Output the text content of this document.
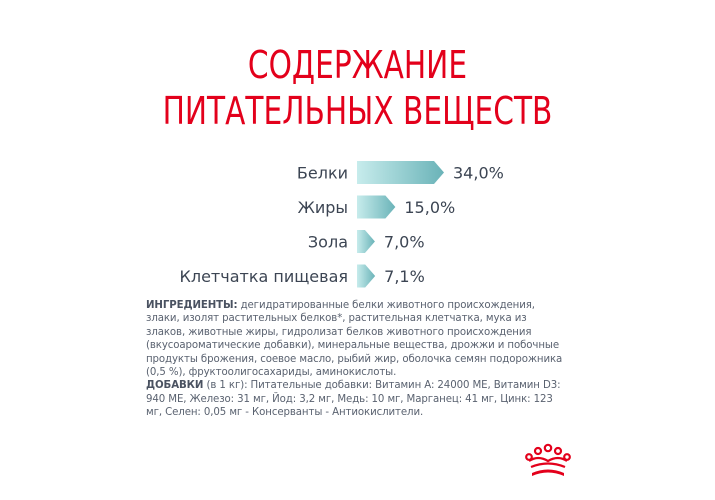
СОДЕРЖАНИЕ
ПИТАТЕЛЬНЫХ ВЕЩЕСТВ
Белки	34,0%
Жиры	15,0%
Зола 7,0%
Клетчатка пищевая 7,1%

ИНГРЕДИЕНТЫ: дегидратированные белки животного происхождения, злаки, изолят растительных белков*, растительная клетчатка, мука из злаков, животные жиры, гидролизат белков животного происхождения (вкусоароматические добавки), минеральные вещества, дрожжи и побочные продукты брожения, соевое масло, рыбий жир, оболочка семян подорожника (0,5 %), фруктоолигосахариды, аминокислоты.

ДОБАВКИ (в 1 кг): Питательные добавки: Витамин A: 24000 МЕ, Витамин D3: 940 МЕ, Железо: 31 мг, Йод: 3,2 мг, Медь: 10 мг, Марганец: 41 мг, Цинк: 123 мг, Селен: 0,05 мг - Консерванты - Антиокислители.
